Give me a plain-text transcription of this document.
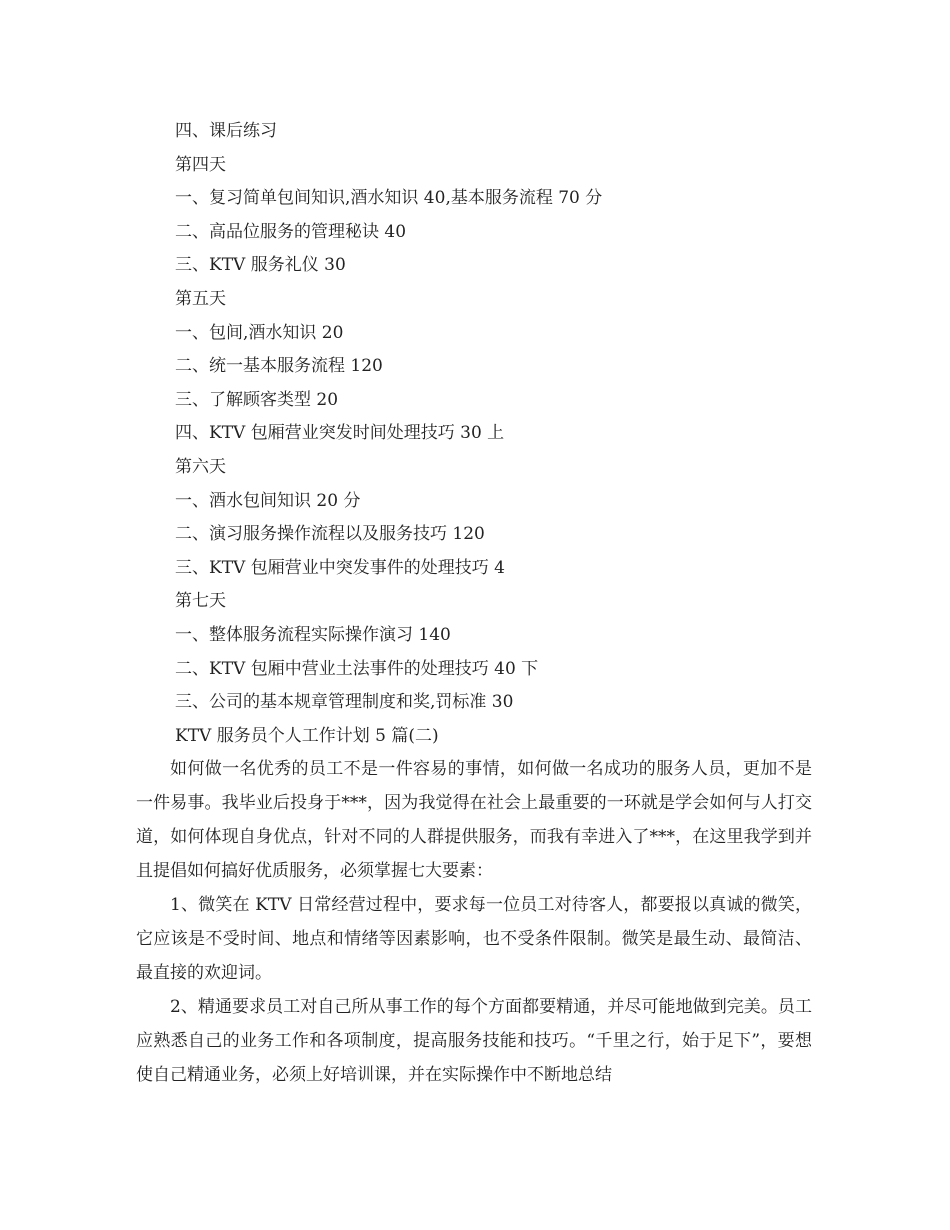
四、课后练习
第四天
一、复习简单包间知识,酒水知识 40,基本服务流程 70 分
二、高品位服务的管理秘诀 40
三、KTV 服务礼仪 30
第五天
一、包间,酒水知识 20
二、统一基本服务流程 120
三、了解顾客类型 20
四、KTV 包厢营业突发时间处理技巧 30 上
第六天
一、酒水包间知识 20 分
二、演习服务操作流程以及服务技巧 120
三、KTV 包厢营业中突发事件的处理技巧 4
第七天
一、整体服务流程实际操作演习 140
二、KTV 包厢中营业土法事件的处理技巧 40 下
三、公司的基本规章管理制度和奖,罚标准 30
KTV 服务员个人工作计划 5 篇(二)

如何做一名优秀的员工不是一件容易的事情，如何做一名成功的服务人员，更加不是一件易事。我毕业后投身于***，因为我觉得在社会上最重要的一环就是学会如何与人打交道，如何体现自身优点，针对不同的人群提供服务，而我有幸进入了***，在这里我学到并且提倡如何搞好优质服务，必须掌握七大要素：

1、微笑在 KTV 日常经营过程中，要求每一位员工对待客人，都要报以真诚的微笑，它应该是不受时间、地点和情绪等因素影响，也不受条件限制。微笑是最生动、最简洁、最直接的欢迎词。

2、精通要求员工对自己所从事工作的每个方面都要精通，并尽可能地做到完美。员工应熟悉自己的业务工作和各项制度，提高服务技能和技巧。“千里之行，始于足下”，要想使自己精通业务，必须上好培训课，并在实际操作中不断地总结
